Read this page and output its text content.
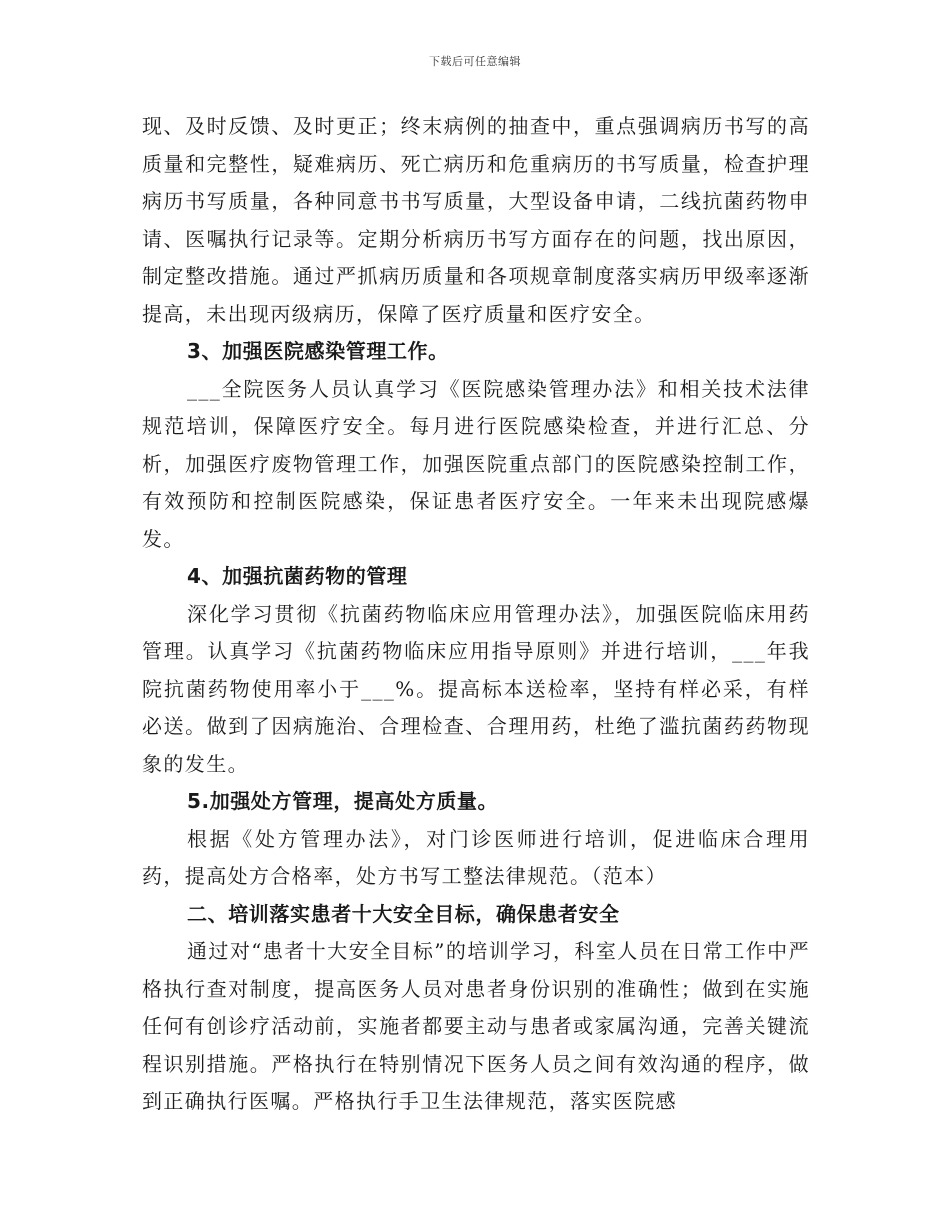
下载后可任意编辑

现、及时反馈、及时更正；终末病例的抽查中，重点强调病历书写的高质量和完整性，疑难病历、死亡病历和危重病历的书写质量，检查护理病历书写质量，各种同意书书写质量，大型设备申请，二线抗菌药物申请、医嘱执行记录等。定期分析病历书写方面存在的问题，找出原因，制定整改措施。通过严抓病历质量和各项规章制度落实病历甲级率逐渐提高，未出现丙级病历，保障了医疗质量和医疗安全。

3、加强医院感染管理工作。

___全院医务人员认真学习《医院感染管理办法》和相关技术法律规范培训，保障医疗安全。每月进行医院感染检查，并进行汇总、分析，加强医疗废物管理工作，加强医院重点部门的医院感染控制工作，有效预防和控制医院感染，保证患者医疗安全。一年来未出现院感爆发。

4、加强抗菌药物的管理

深化学习贯彻《抗菌药物临床应用管理办法》，加强医院临床用药管理。认真学习《抗菌药物临床应用指导原则》并进行培训，___年我院抗菌药物使用率小于___%。提高标本送检率，坚持有样必采，有样必送。做到了因病施治、合理检查、合理用药，杜绝了滥抗菌药药物现象的发生。

5.加强处方管理，提高处方质量。

根据《处方管理办法》，对门诊医师进行培训，促进临床合理用药，提高处方合格率，处方书写工整法律规范。（范本）

二、培训落实患者十大安全目标，确保患者安全

通过对“患者十大安全目标”的培训学习，科室人员在日常工作中严格执行查对制度，提高医务人员对患者身份识别的准确性；做到在实施任何有创诊疗活动前，实施者都要主动与患者或家属沟通，完善关键流程识别措施。严格执行在特别情况下医务人员之间有效沟通的程序，做到正确执行医嘱。严格执行手卫生法律规范，落实医院感
